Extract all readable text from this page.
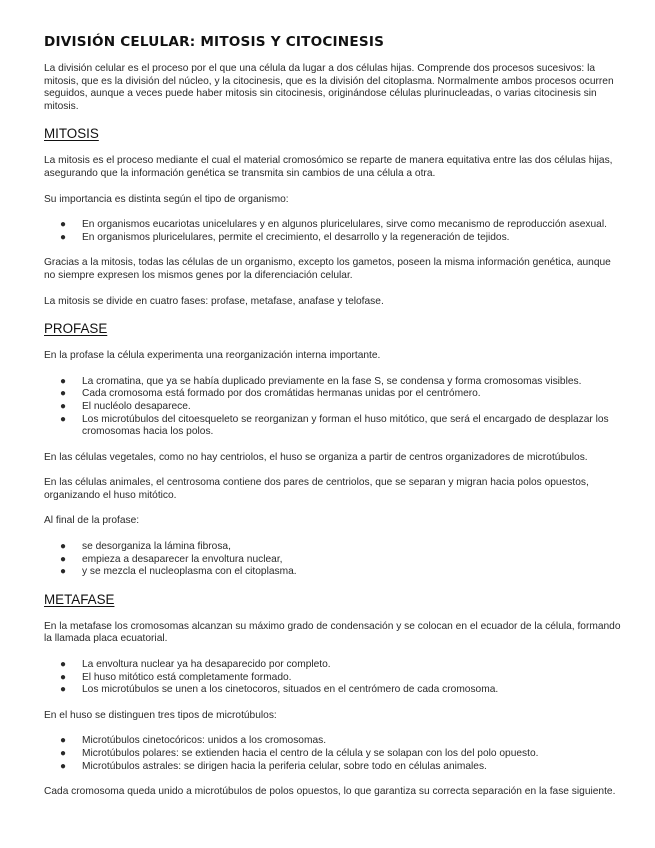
DIVISIÓN CELULAR: MITOSIS Y CITOCINESIS

La división celular es el proceso por el que una célula da lugar a dos células hijas. Comprende dos procesos sucesivos: la mitosis, que es la división del núcleo, y la citocinesis, que es la división del citoplasma. Normalmente ambos procesos ocurren seguidos, aunque a veces puede haber mitosis sin citocinesis, originándose células plurinucleadas, o varias citocinesis sin mitosis.

MITOSIS

La mitosis es el proceso mediante el cual el material cromosómico se reparte de manera equitativa entre las dos células hijas, asegurando que la información genética se transmita sin cambios de una célula a otra.

Su importancia es distinta según el tipo de organismo:

● En organismos eucariotas unicelulares y en algunos pluricelulares, sirve como mecanismo de reproducción asexual.
● En organismos pluricelulares, permite el crecimiento, el desarrollo y la regeneración de tejidos.

Gracias a la mitosis, todas las células de un organismo, excepto los gametos, poseen la misma información genética, aunque no siempre expresen los mismos genes por la diferenciación celular.

La mitosis se divide en cuatro fases: profase, metafase, anafase y telofase.

PROFASE

En la profase la célula experimenta una reorganización interna importante.

● La cromatina, que ya se había duplicado previamente en la fase S, se condensa y forma cromosomas visibles.
● Cada cromosoma está formado por dos cromátidas hermanas unidas por el centrómero.
● El nucléolo desaparece.
● Los microtúbulos del citoesqueleto se reorganizan y forman el huso mitótico, que será el encargado de desplazar los cromosomas hacia los polos.

En las células vegetales, como no hay centriolos, el huso se organiza a partir de centros organizadores de microtúbulos.

En las células animales, el centrosoma contiene dos pares de centriolos, que se separan y migran hacia polos opuestos, organizando el huso mitótico.

Al final de la profase:

● se desorganiza la lámina fibrosa,
● empieza a desaparecer la envoltura nuclear,
● y se mezcla el nucleoplasma con el citoplasma.
METAFASE

En la metafase los cromosomas alcanzan su máximo grado de condensación y se colocan en el ecuador de la célula, formando la llamada placa ecuatorial.

● La envoltura nuclear ya ha desaparecido por completo.
● El huso mitótico está completamente formado.
● Los microtúbulos se unen a los cinetocoros, situados en el centrómero de cada cromosoma.

En el huso se distinguen tres tipos de microtúbulos:

● Microtúbulos cinetocóricos: unidos a los cromosomas.
● Microtúbulos polares: se extienden hacia el centro de la célula y se solapan con los del polo opuesto.
● Microtúbulos astrales: se dirigen hacia la periferia celular, sobre todo en células animales.

Cada cromosoma queda unido a microtúbulos de polos opuestos, lo que garantiza su correcta separación en la fase siguiente.
